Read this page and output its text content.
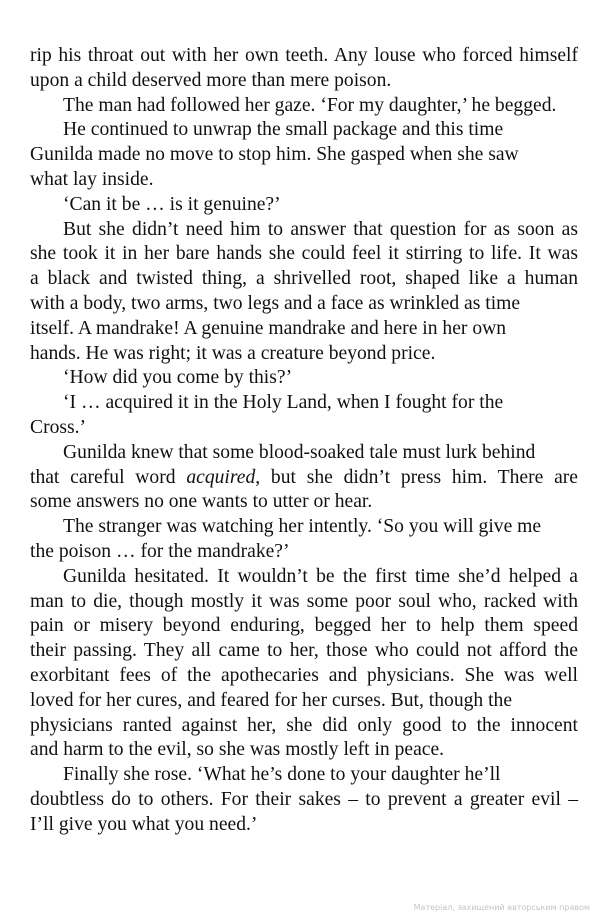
rip his throat out with her own teeth. Any louse who forced himself
upon a child deserved more than mere poison.
The man had followed her gaze. ‘For my daughter,’ he begged.
He continued to unwrap the small package and this time
Gunilda made no move to stop him. She gasped when she saw
what lay inside.
‘Can it be … is it genuine?’
But she didn’t need him to answer that question for as soon as
she took it in her bare hands she could feel it stirring to life. It was
a black and twisted thing, a shrivelled root, shaped like a human
with a body, two arms, two legs and a face as wrinkled as time
itself. A mandrake! A genuine mandrake and here in her own
hands. He was right; it was a creature beyond price.
‘How did you come by this?’
‘I … acquired it in the Holy Land, when I fought for the
Cross.’
Gunilda knew that some blood-soaked tale must lurk behind
that careful word acquired, but she didn’t press him. There are
some answers no one wants to utter or hear.
The stranger was watching her intently. ‘So you will give me
the poison … for the mandrake?’
Gunilda hesitated. It wouldn’t be the first time she’d helped a
man to die, though mostly it was some poor soul who, racked with
pain or misery beyond enduring, begged her to help them speed
their passing. They all came to her, those who could not afford the
exorbitant fees of the apothecaries and physicians. She was well
loved for her cures, and feared for her curses. But, though the
physicians ranted against her, she did only good to the innocent
and harm to the evil, so she was mostly left in peace.
Finally she rose. ‘What he’s done to your daughter he’ll
doubtless do to others. For their sakes – to prevent a greater evil –
I’ll give you what you need.’
Матеріал, захищений авторським правом
